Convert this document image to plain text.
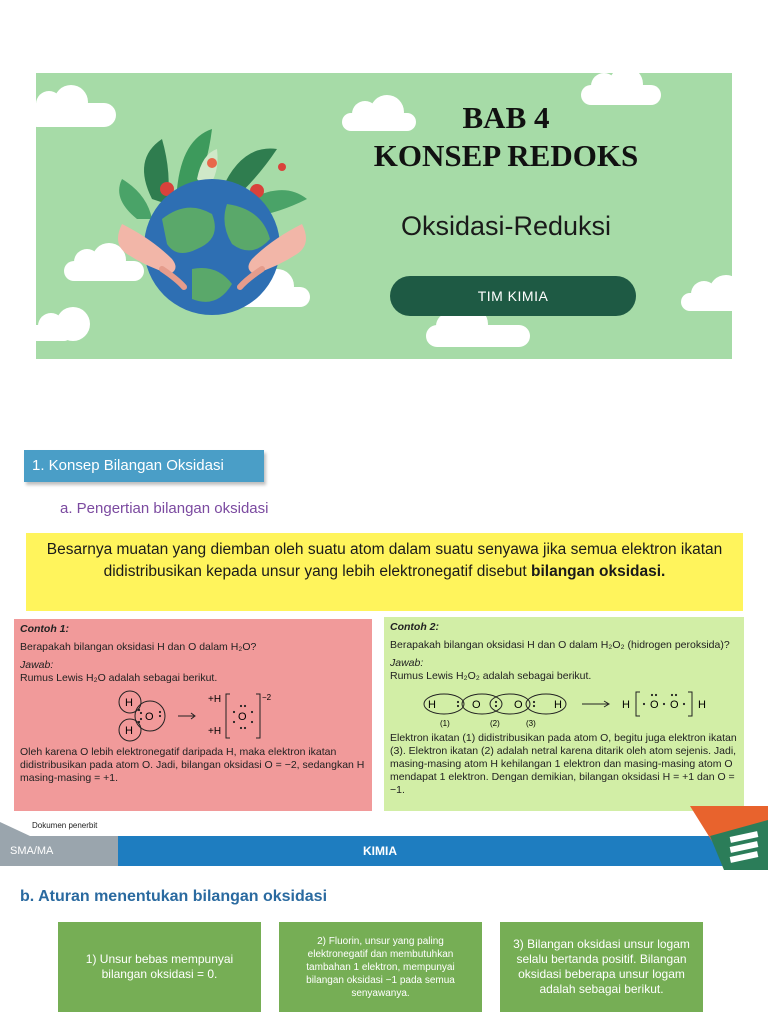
BAB 4
KONSEP REDOKS
Oksidasi-Reduksi
TIM KIMIA
1. Konsep Bilangan Oksidasi
a. Pengertian bilangan oksidasi
Besarnya muatan yang diemban oleh suatu atom dalam suatu senyawa jika semua elektron ikatan didistribusikan kepada unsur yang lebih elektronegatif disebut bilangan oksidasi.
Contoh 1:
Berapakah bilangan oksidasi H dan O dalam H₂O?
Jawab:
Rumus Lewis H₂O adalah sebagai berikut.
H
H
O
+H
+H
O
−2
Oleh karena O lebih elektronegatif daripada H, maka elektron ikatan didistribusikan pada atom O. Jadi, bilangan oksidasi O = −2, sedangkan H masing-masing = +1.
Contoh 2:
Berapakah bilangan oksidasi H dan O dalam H₂O₂ (hidrogen peroksida)?
Jawab:
Rumus Lewis H₂O₂ adalah sebagai berikut.
H	O	O	H
(1)	(2)	(3)
H O O H
Elektron ikatan (1) didistribusikan pada atom O, begitu juga elektron ikatan (3). Elektron ikatan (2) adalah netral karena ditarik oleh atom sejenis. Jadi, masing-masing atom H kehilangan 1 elektron dan masing-masing atom O mendapat 1 elektron. Dengan demikian, bilangan oksidasi H = +1 dan O = −1.
Dokumen penerbit
SMA/MA	KIMIA
b. Aturan menentukan bilangan oksidasi
1) Unsur bebas mempunyai bilangan oksidasi = 0.
2) Fluorin, unsur yang paling elektronegatif dan membutuhkan tambahan 1 elektron, mempunyai bilangan oksidasi −1 pada semua senyawanya.
3) Bilangan oksidasi unsur logam selalu bertanda positif. Bilangan oksidasi beberapa unsur logam adalah sebagai berikut.
